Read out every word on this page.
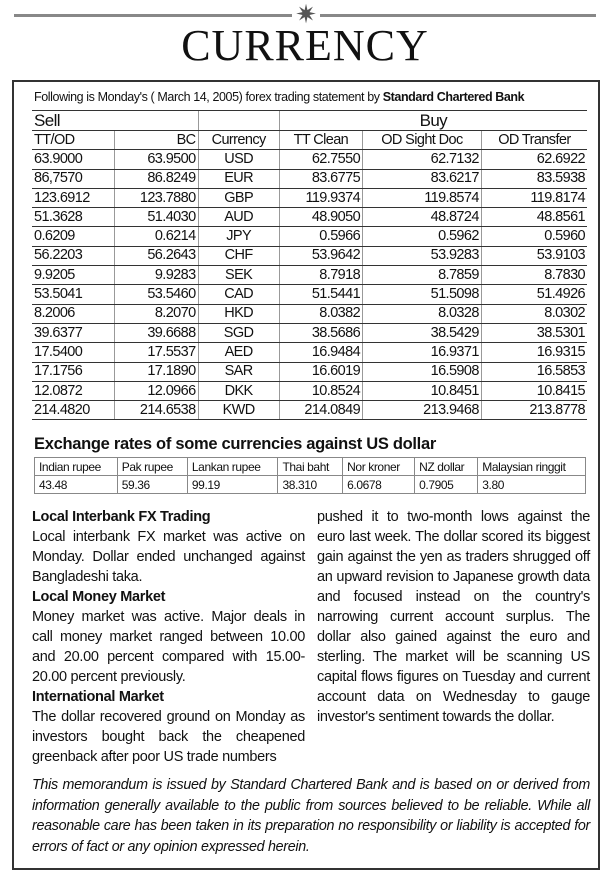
✷
CURRENCY
Following is Monday's ( March 14, 2005) forex trading statement by Standard Chartered Bank
Sell			Buy		
TT/OD	BC	Currency	TT Clean	OD Sight Doc	OD Transfer
63.9000	63.9500	USD	62.7550	62.7132	62.6922
86,7570	86.8249	EUR	83.6775	83.6217	83.5938
123.6912	123.7880	GBP	119.9374	119.8574	119.8174
51.3628	51.4030	AUD	48.9050	48.8724	48.8561
0.6209	0.6214	JPY	0.5966	0.5962	0.5960
56.2203	56.2643	CHF	53.9642	53.9283	53.9103
9.9205	9.9283	SEK	8.7918	8.7859	8.7830
53.5041	53.5460	CAD	51.5441	51.5098	51.4926
8.2006	8.2070	HKD	8.0382	8.0328	8.0302
39.6377	39.6688	SGD	38.5686	38.5429	38.5301
17.5400	17.5537	AED	16.9484	16.9371	16.9315
17.1756	17.1890	SAR	16.6019	16.5908	16.5853
12.0872	12.0966	DKK	10.8524	10.8451	10.8415
214.4820	214.6538	KWD	214.0849	213.9468	213.8778
Exchange rates of some currencies against US dollar
Indian rupee	Pak rupee	Lankan rupee	Thai baht	Nor kroner	NZ dollar	Malaysian ringgit
43.48	59.36	99.19	38.310	6.0678	0.7905	3.80
Local Interbank FX Trading

Local interbank FX market was active on Monday. Dollar ended unchanged against Bangladeshi taka.

Local Money Market

Money market was active. Major deals in call money market ranged between 10.00 and 20.00 percent compared with 15.00-20.00 percent previously.

International Market

The dollar recovered ground on Monday as investors bought back the cheapened greenback after poor US trade numbers

pushed it to two-month lows against the euro last week. The dollar scored its biggest gain against the yen as traders shrugged off an upward revision to Japanese growth data and focused instead on the country's narrowing current account surplus. The dollar also gained against the euro and sterling. The market will be scanning US capital flows figures on Tuesday and current account data on Wednesday to gauge investor's sentiment towards the dollar.

This memorandum is issued by Standard Chartered Bank and is based on or derived from information generally available to the public from sources believed to be reliable. While all reasonable care has been taken in its preparation no responsibility or liability is accepted for errors of fact or any opinion expressed herein.
